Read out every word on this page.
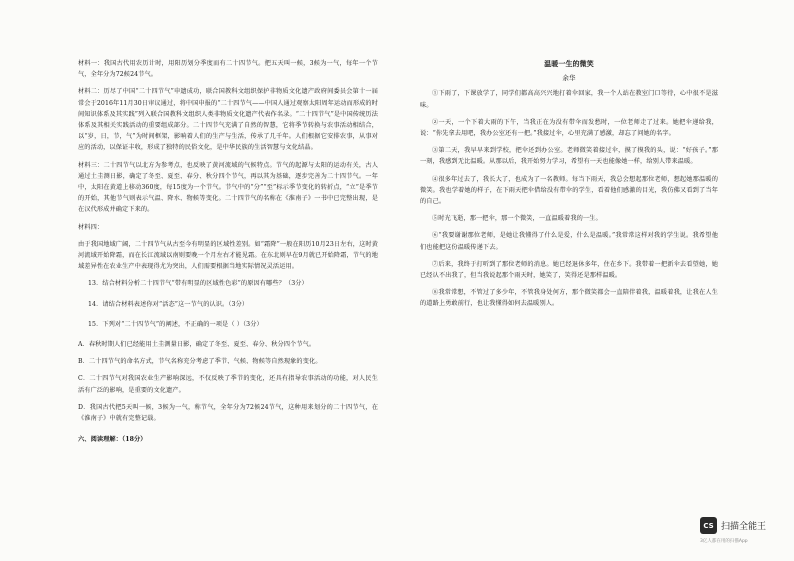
材料一：我国古代用农历计时，用阳历划分季度而有二十四节气。把五天叫一候，3候为一气，每年一个节气，全年分为72候24节气。

材料二：历尽了中国“二十四节气”申遗成功，联合国教科文组织保护非物质文化遗产政府间委员会第十一届常会于2016年11月30日审议通过，将中国申报的“二十四节气——中国人通过观察太阳周年运动而形成的时间知识体系及其实践”列入联合国教科文组织人类非物质文化遗产代表作名录。“二十四节气”是中国传统历法体系及其相关实践活动的重要组成部分。二十四节气充满了自然的智慧，它将季节转换与农事活动相结合，以“岁，日，节，气”为时间框架，影响着人们的生产与生活，传承了几千年。人们根据它安排农事，从事对应的活动，以保证丰收，形成了独特的民俗文化，是中华民族的生活智慧与文化结晶。

材料三：二十四节气以北方为参考点，也反映了黄河流域的气候特点。节气的起源与太阳的运动有关，古人通过土圭测日影，确定了冬至、夏至、春分、秋分四个节气，再以其为基础，逐步完善为二十四节气。一年中，太阳在黄道上移动360度，每15度为一个节气。节气中的“分”“至”标示季节变化的转折点，“立”是季节的开始，其他节气则表示气温、降水、物候等变化。二十四节气的名称在《淮南子》一书中已完整出现，是在汉代形成并确定下来的。

材料四：

由于我国地域广阔，二十四节气从古至今有明显的区域性差别。如“霜降”一般在阳历10月23日左右，这时黄河流域开始降霜，而在长江流域以南则要晚一个月左右才能见霜。在东北则早在9月就已开始降霜，节气的地域差异性在农业生产中表现得尤为突出，人们需要根据当地实际情况灵活运用。

13．结合材料分析二十四节气“带有明显的区域性色彩”的原因有哪些？（3分）

14．请结合材料表述你对“活态”这一节气的认识。（3分）

15．下列对“二十四节气”的阐述，不正确的一项是（ ）（3分）

A．春秋时期人们已经能用土圭测量日影，确定了冬至、夏至、春分、秋分四个节气。

B．二十四节气的命名方式，节气名称充分考虑了季节、气候、物候等自然现象的变化。

C．二十四节气对我国农业生产影响深远，不仅反映了季节的变化，还具有指导农事活动的功能，对人民生活有广泛的影响，是重要的文化遗产。

D．我国古代把5天叫一候，3候为一气，称节气，全年分为72候24节气，这种用来划分的二十四节气，在《淮南子》中就有完整记载。

六、阅读理解：（18分）

温暖一生的微笑

余华

①下雨了，下课放学了，同学们都高高兴兴地打着伞回家，我一个人站在教室门口等待，心中很不是滋味。

②一天，一个下着大雨的下午，当我正在为没有带伞而发愁时，一位老师走了过来。她把伞递给我，说：“你先拿去用吧，我办公室还有一把。”我接过伞，心里充满了感激，却忘了问她的名字。

③第二天，我早早来到学校，把伞还到办公室。老师微笑着接过伞，摸了摸我的头，说：“好孩子。”那一刻，我感到无比温暖。从那以后，我开始努力学习，希望有一天也能像她一样，给别人带来温暖。

④很多年过去了，我长大了，也成为了一名教师。每当下雨天，我总会想起那位老师，想起她那温暖的微笑。我也学着她的样子，在下雨天把伞借给没有带伞的学生，看着他们感激的目光，我仿佛又看到了当年的自己。

⑤时光飞逝，那一把伞，那一个微笑，一直温暖着我的一生。

⑥“我要谢谢那位老师，是她让我懂得了什么是爱，什么是温暖。”我常常这样对我的学生说。我希望他们也能把这份温暖传递下去。

⑦后来，我终于打听到了那位老师的消息。她已经退休多年，住在乡下。我带着一把新伞去看望她，她已经认不出我了，但当我说起那个雨天时，她笑了，笑得还是那样温暖。

⑧我常常想，不管过了多少年，不管我身处何方，那个微笑都会一直陪伴着我，温暖着我，让我在人生的道路上勇敢前行，也让我懂得如何去温暖别人。

CS 扫描全能王
3亿人都在用的扫描App
